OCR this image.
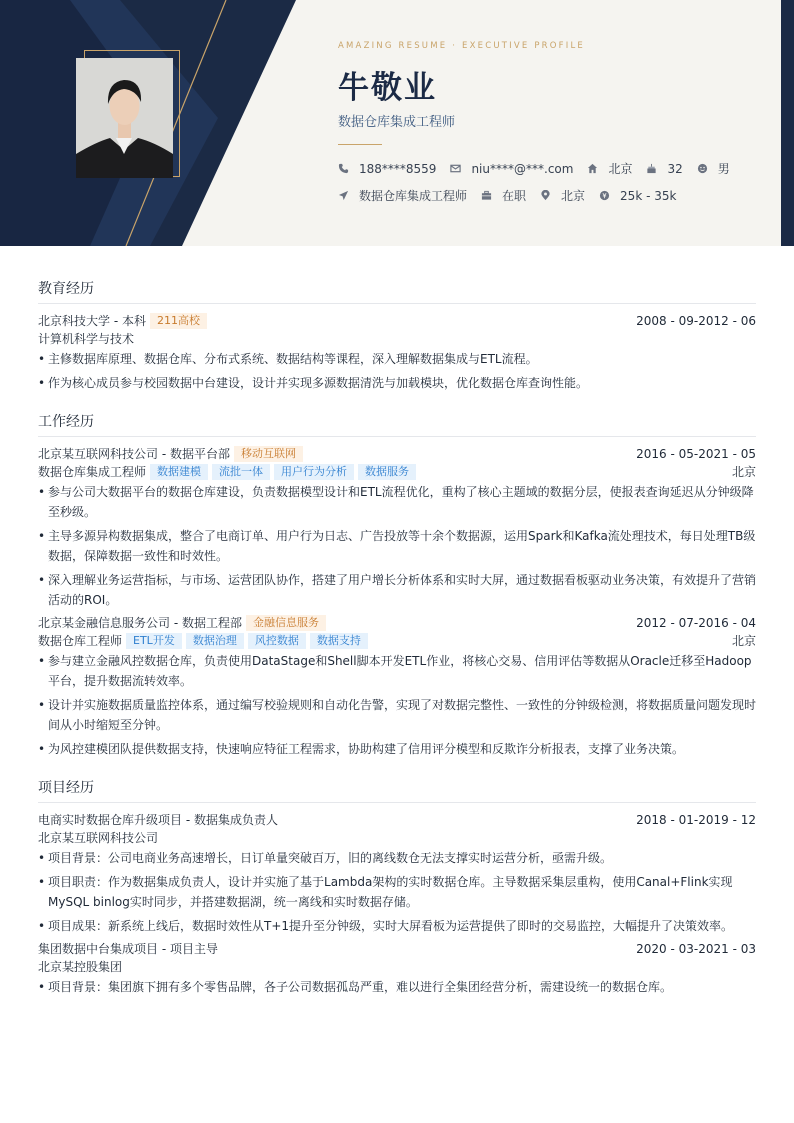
AMAZING RESUME · EXECUTIVE PROFILE
牛敬业
数据仓库集成工程师
188****8559	niu****@***.com	北京	32	男
数据仓库集成工程师	在职	北京	25k - 35k
教育经历
北京科技大学 - 本科	211高校	2008 - 09-2012 - 06
计算机科学与技术
• 主修数据库原理、数据仓库、分布式系统、数据结构等课程，深入理解数据集成与ETL流程。
• 作为核心成员参与校园数据中台建设，设计并实现多源数据清洗与加载模块，优化数据仓库查询性能。
工作经历
北京某互联网科技公司 - 数据平台部	移动互联网	2016 - 05-2021 - 05
数据仓库集成工程师	数据建模	流批一体	用户行为分析	数据服务	北京
• 参与公司大数据平台的数据仓库建设，负责数据模型设计和ETL流程优化，重构了核心主题域的数据分层，使报表查询延迟从分钟级降至秒级。
• 主导多源异构数据集成，整合了电商订单、用户行为日志、广告投放等十余个数据源，运用Spark和Kafka流处理技术，每日处理TB级数据，保障数据一致性和时效性。
• 深入理解业务运营指标，与市场、运营团队协作，搭建了用户增长分析体系和实时大屏，通过数据看板驱动业务决策，有效提升了营销活动的ROI。
北京某金融信息服务公司 - 数据工程部	金融信息服务	2012 - 07-2016 - 04
数据仓库工程师	ETL开发	数据治理	风控数据	数据支持	北京
• 参与建立金融风控数据仓库，负责使用DataStage和Shell脚本开发ETL作业，将核心交易、信用评估等数据从Oracle迁移至Hadoop平台，提升数据流转效率。
• 设计并实施数据质量监控体系，通过编写校验规则和自动化告警，实现了对数据完整性、一致性的分钟级检测，将数据质量问题发现时间从小时缩短至分钟。
• 为风控建模团队提供数据支持，快速响应特征工程需求，协助构建了信用评分模型和反欺诈分析报表，支撑了业务决策。
项目经历
电商实时数据仓库升级项目 - 数据集成负责人	2018 - 01-2019 - 12
北京某互联网科技公司
• 项目背景：公司电商业务高速增长，日订单量突破百万，旧的离线数仓无法支撑实时运营分析，亟需升级。
• 项目职责：作为数据集成负责人，设计并实施了基于Lambda架构的实时数据仓库。主导数据采集层重构，使用Canal+Flink实现MySQL binlog实时同步，并搭建数据湖，统一离线和实时数据存储。
• 项目成果：新系统上线后，数据时效性从T+1提升至分钟级，实时大屏看板为运营提供了即时的交易监控，大幅提升了决策效率。
集团数据中台集成项目 - 项目主导	2020 - 03-2021 - 03
北京某控股集团
• 项目背景：集团旗下拥有多个零售品牌，各子公司数据孤岛严重，难以进行全集团经营分析，需建设统一的数据仓库。
